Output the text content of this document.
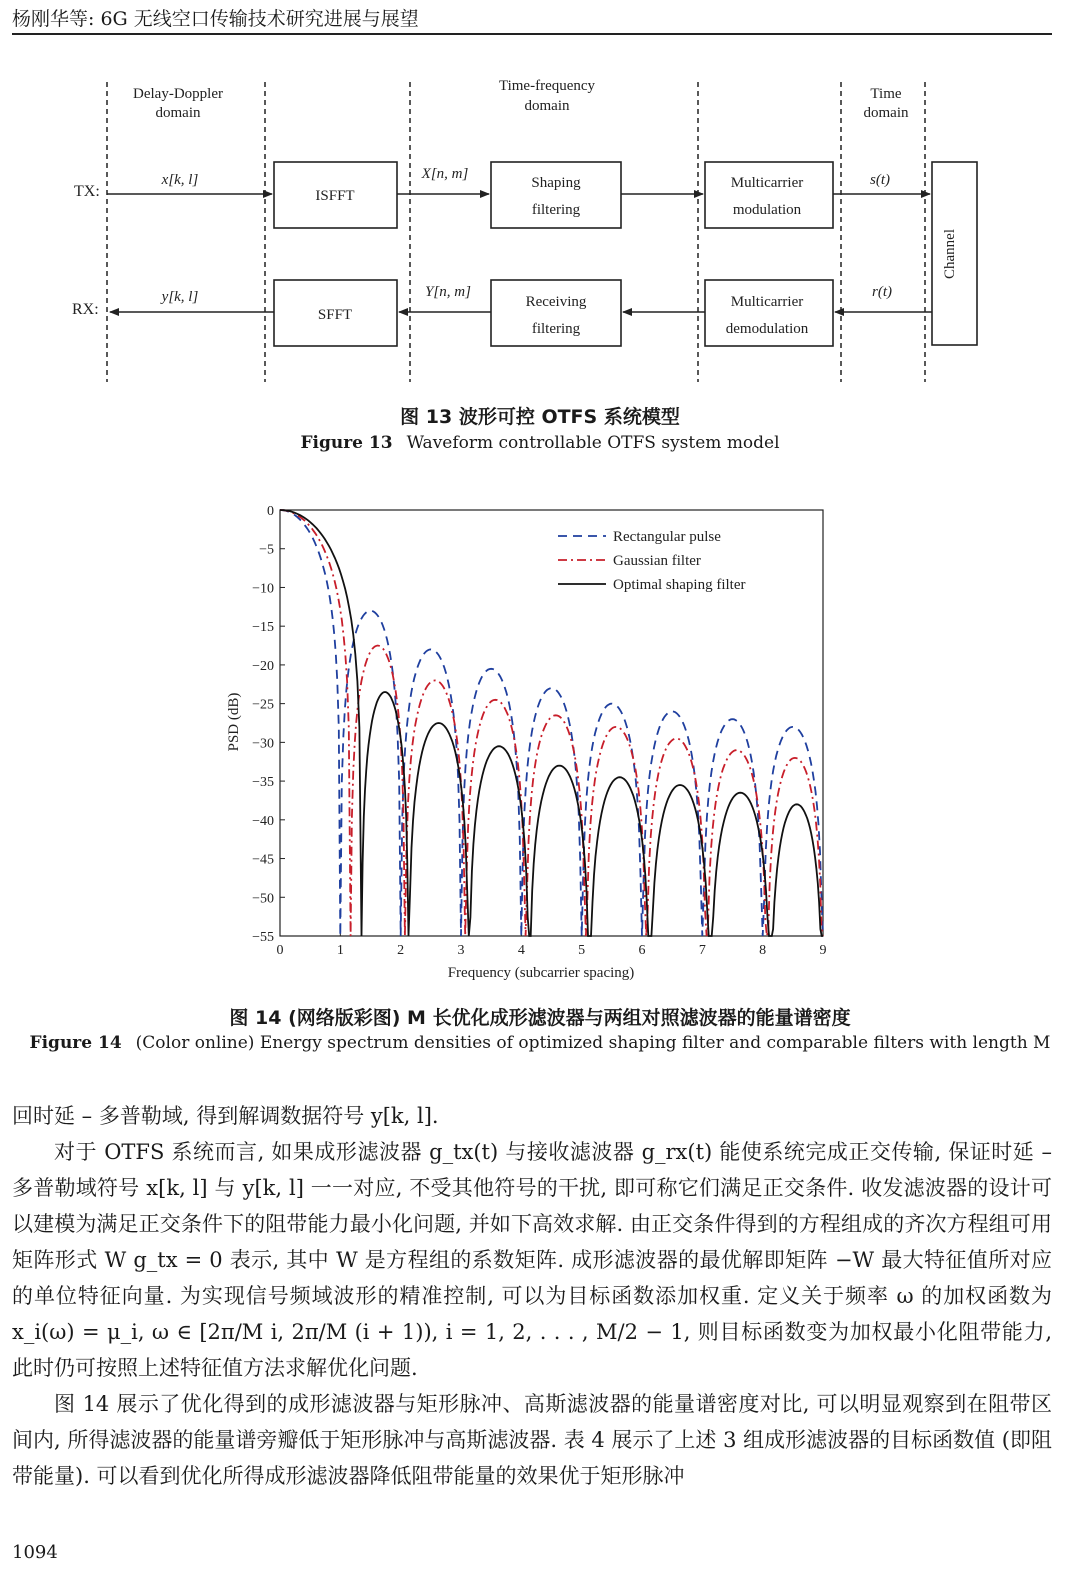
杨刚华等: 6G 无线空口传输技术研究进展与展望
Delay-Doppler
domain
Time-frequency
domain
Time
domain
TX:
RX:
x[k, l]	X[n, m]	s(t)
y[k, l]	Y[n, m]	r(t)
ISFFT
Shaping
filtering
Multicarrier
modulation
SFFT
Receiving
filtering
Multicarrier
demodulation
Channel
图 13 波形可控 OTFS 系统模型
Figure 13 Waveform controllable OTFS system model
0
−5
−10
−15
−20
−25
−30
−35
−40
−45
−50
−55
0	1	2	3	4	5	6	7	8	9
Frequency (subcarrier spacing)
PSD (dB)
Rectangular pulse
Gaussian filter
Optimal shaping filter
图 14 (网络版彩图) M 长优化成形滤波器与两组对照滤波器的能量谱密度
Figure 14 (Color online) Energy spectrum densities of optimized shaping filter and comparable filters with length M

回时延 – 多普勒域, 得到解调数据符号 y[k, l].

对于 OTFS 系统而言, 如果成形滤波器 g_tx(t) 与接收滤波器 g_rx(t) 能使系统完成正交传输, 保证时延 – 多普勒域符号 x[k, l] 与 y[k, l] 一一对应, 不受其他符号的干扰, 即可称它们满足正交条件. 收发滤波器的设计可以建模为满足正交条件下的阻带能力最小化问题, 并如下高效求解. 由正交条件得到的方程组成的齐次方程组可用矩阵形式 W g_tx = 0 表示, 其中 W 是方程组的系数矩阵. 成形滤波器的最优解即矩阵 −W 最大特征值所对应的单位特征向量. 为实现信号频域波形的精准控制, 可以为目标函数添加权重. 定义关于频率 ω 的加权函数为 x_i(ω) = μ_i, ω ∈ [2π/M i, 2π/M (i + 1)), i = 1, 2, . . . , M/2 − 1, 则目标函数变为加权最小化阻带能力, 此时仍可按照上述特征值方法求解优化问题.

图 14 展示了优化得到的成形滤波器与矩形脉冲、高斯滤波器的能量谱密度对比, 可以明显观察到在阻带区间内, 所得滤波器的能量谱旁瓣低于矩形脉冲与高斯滤波器. 表 4 展示了上述 3 组成形滤波器的目标函数值 (即阻带能量). 可以看到优化所得成形滤波器降低阻带能量的效果优于矩形脉冲

1094
